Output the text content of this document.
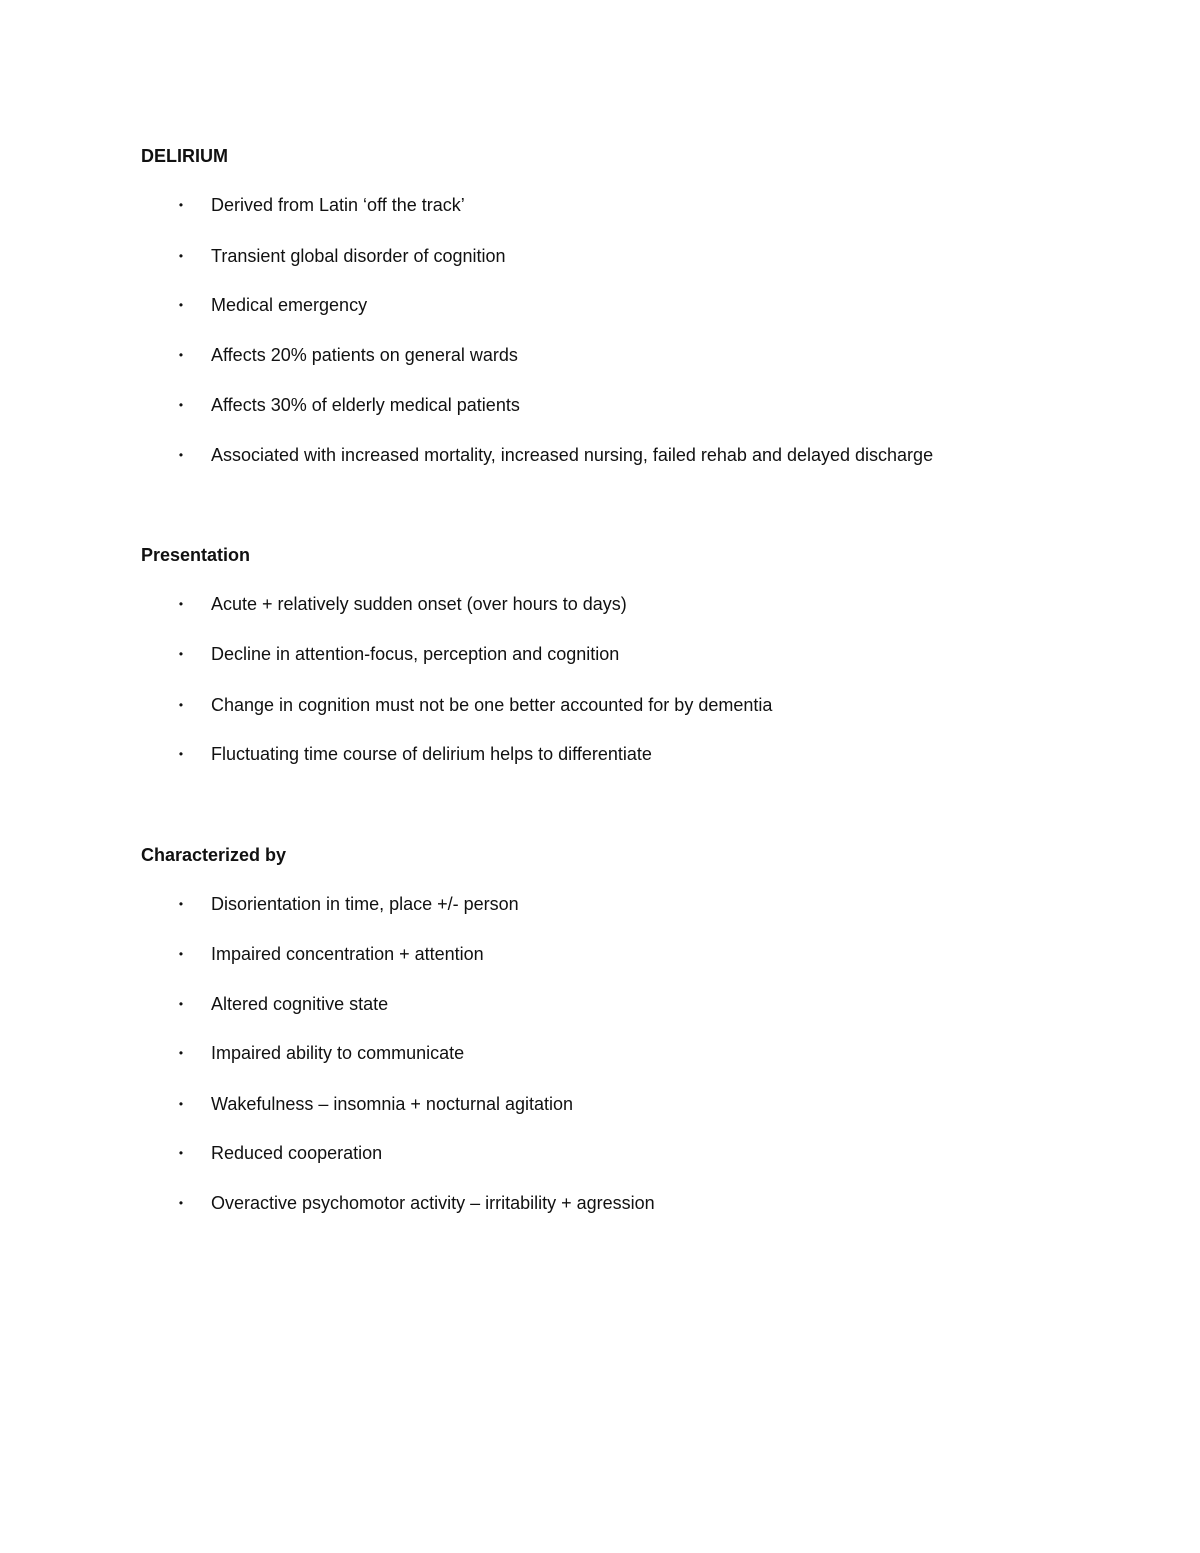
DELIRIUM
• Derived from Latin ‘off the track’
• Transient global disorder of cognition
• Medical emergency
• Affects 20% patients on general wards
• Affects 30% of elderly medical patients
• Associated with increased mortality, increased nursing, failed rehab and delayed discharge
Presentation
• Acute + relatively sudden onset (over hours to days)
• Decline in attention-focus, perception and cognition
• Change in cognition must not be one better accounted for by dementia
• Fluctuating time course of delirium helps to differentiate
Characterized by
• Disorientation in time, place +/- person
• Impaired concentration + attention
• Altered cognitive state
• Impaired ability to communicate
• Wakefulness – insomnia + nocturnal agitation
• Reduced cooperation
• Overactive psychomotor activity – irritability + agression
